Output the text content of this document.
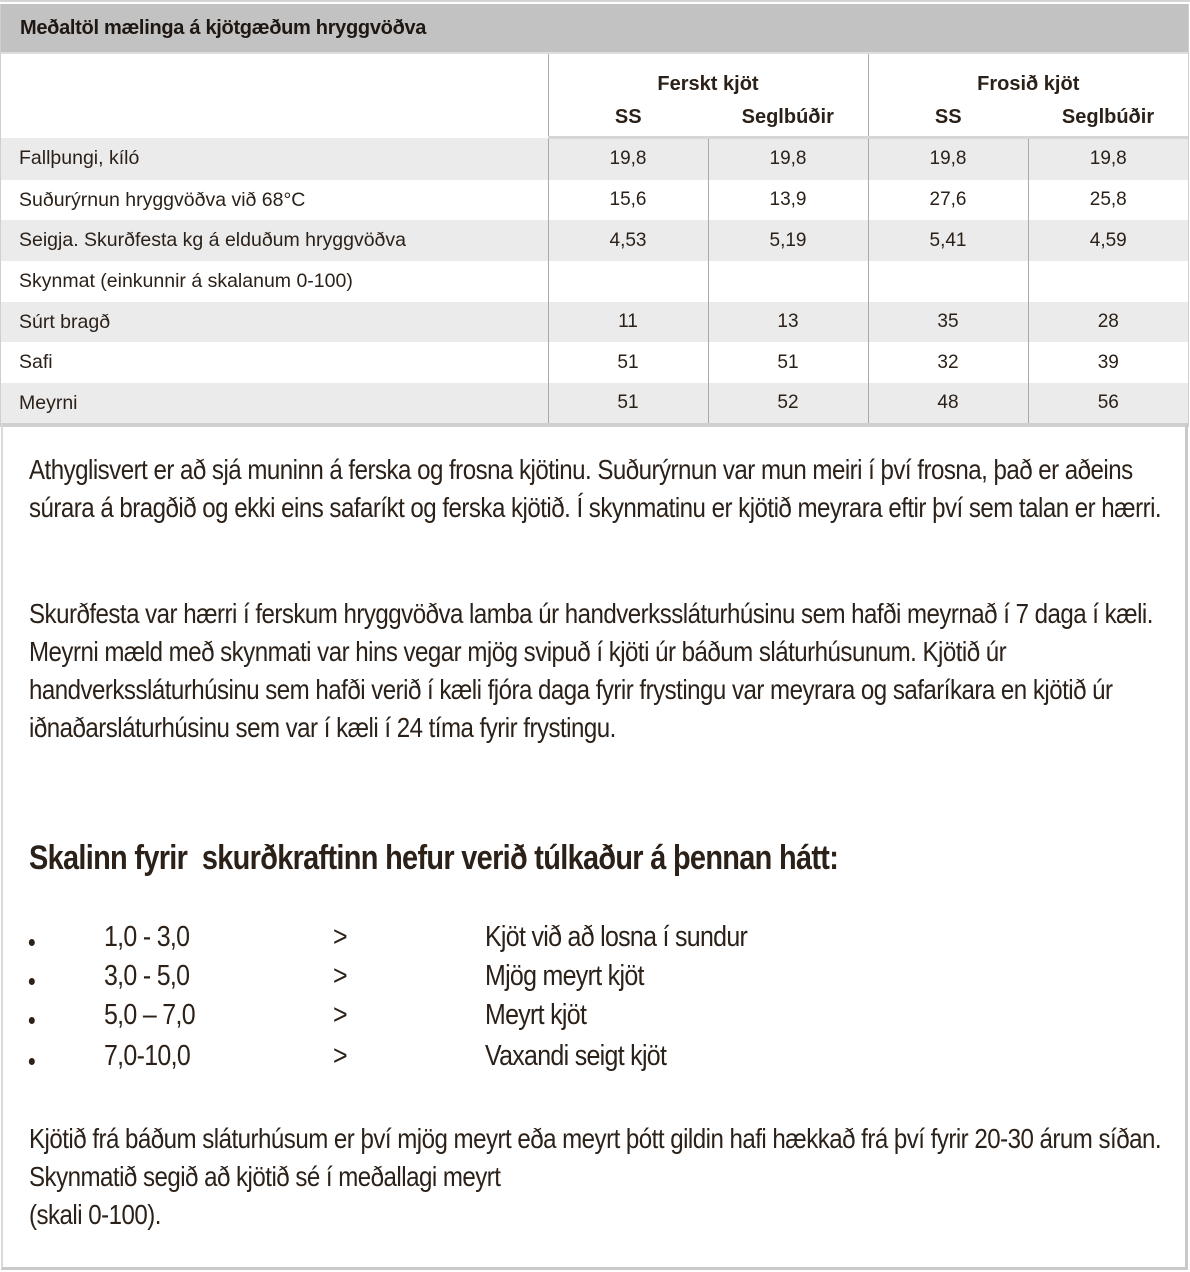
Meðaltöl mælinga á kjötgæðum hryggvöðva
	Ferskt kjöt		Frosið kjöt	
	SS	Seglbúðir	SS	Seglbúðir
Fallþungi, kíló	19,8	19,8	19,8	19,8
Suðurýrnun hryggvöðva við 68°C	15,6	13,9	27,6	25,8
Seigja. Skurðfesta kg á elduðum hryggvöðva	4,53	5,19	5,41	4,59
Skynmat (einkunnir á skalanum 0-100)				
Súrt bragð	11	13	35	28
Safi	51	51	32	39
Meyrni	51	52	48	56
Athyglisvert er að sjá muninn á ferska og frosna kjötinu. Suðurýrnun var mun meiri í því frosna, það er aðeins súrara á bragðið og ekki eins safaríkt og ferska kjötið. Í skynmatinu er kjötið meyrara eftir því sem talan er hærri.
Skurðfesta var hærri í ferskum hryggvöðva lamba úr handverkssláturhúsinu sem hafði meyrnað í 7 daga í kæli. Meyrni mæld með skynmati var hins vegar mjög svipuð í kjöti úr báðum sláturhúsunum. Kjötið úr handverkssláturhúsinu sem hafði verið í kæli fjóra daga fyrir frystingu var meyrara og safaríkara en kjötið úr iðnaðarsláturhúsinu sem var í kæli í 24 tíma fyrir frystingu.
Skalinn fyrir  skurðkraftinn hefur verið túlkaður á þennan hátt:
1,0 - 3,0	>	Kjöt við að losna í sundur
3,0 - 5,0	>	Mjög meyrt kjöt
5,0 – 7,0	>	Meyrt kjöt
7,0-10,0	>	Vaxandi seigt kjöt
Kjötið frá báðum sláturhúsum er því mjög meyrt eða meyrt þótt gildin hafi hækkað frá því fyrir 20-30 árum síðan. Skynmatið segið að kjötið sé í meðallagi meyrt
(skali 0-100).
